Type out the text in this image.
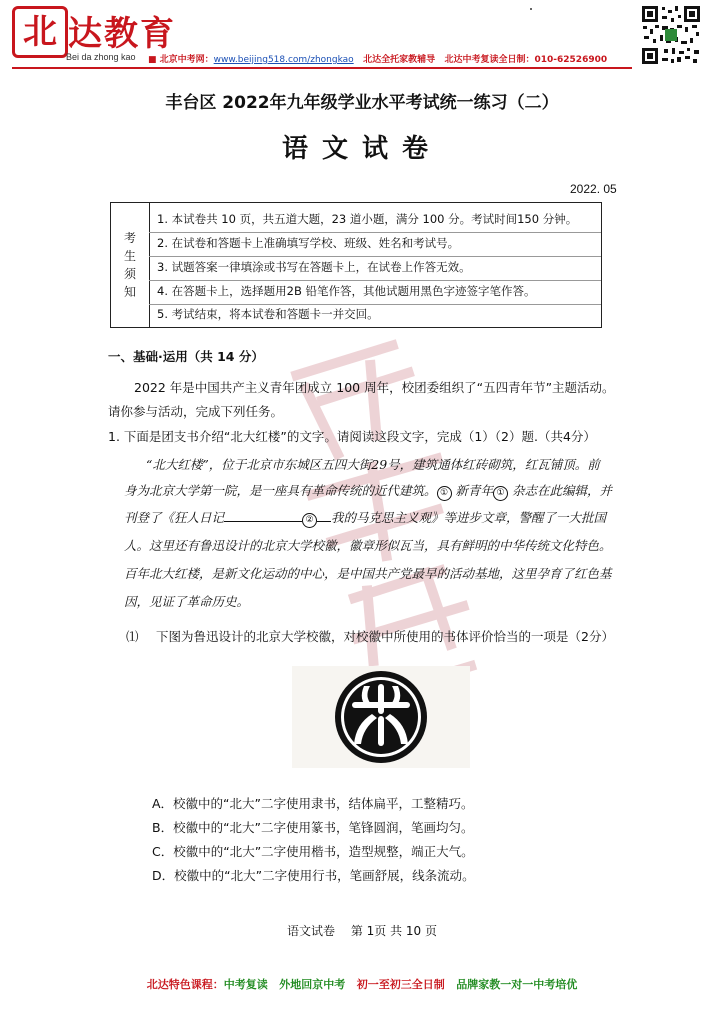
北 达教育
Bei da zhong kao ■ 北京中考网：www.beijing518.com/zhongkao 北达全托家教辅导 北达中考复读全日制：010-62526900
丰台区 2022年九年级学业水平考试统一练习（二）
语文试卷
2022. 05
考
生
须
知
1. 本试卷共 10 页，共五道大题，23 道小题，满分 100 分。考试时间150 分钟。
2. 在试卷和答题卡上准确填写学校、班级、姓名和考试号。
3. 试题答案一律填涂或书写在答题卡上，在试卷上作答无效。
4. 在答题卡上，选择题用2B 铅笔作答，其他试题用黑色字迹签字笔作答。
5. 考试结束，将本试卷和答题卡一并交回。
一、基础·运用（共 14 分）
2022 年是中国共产主义青年团成立 100 周年，校团委组织了“五四青年节”主题活动。
请你参与活动，完成下列任务。
1. 下面是团支书介绍“北大红楼”的文字。请阅读这段文字，完成（1）（2）题.（共4分）
“北大红楼”，位于北京市东城区五四大街29号，建筑通体红砖砌筑，红瓦铺顶。前
身为北京大学第一院，是一座具有革命传统的近代建筑。 ① 新青年 ① 杂志在此编辑，并
刊登了《狂人日记	② 我的马克思主义观》等进步文章，警醒了一大批国
人。这里还有鲁迅设计的北京大学校徽，徽章形似瓦当，具有鲜明的中华传统文化特色。
百年北大红楼，是新文化运动的中心，是中国共产党最早的活动基地，这里孕育了红色基
因，见证了革命历史。
⑴ 下图为鲁迅设计的北京大学校徽，对校徽中所使用的书体评价恰当的一项是（2分）
A．校徽中的“北大”二字使用隶书，结体扁平，工整精巧。
B．校徽中的“北大”二字使用篆书，笔锋圆润，笔画均匀。
C．校徽中的“北大”二字使用楷书，造型规整，端正大气。
D．校徽中的“北大”二字使用行书，笔画舒展，线条流动。
语文试卷 第 1页 共 10 页
北达特色课程：中考复读 外地回京中考 初一至初三全日制 品牌家教一对一中考培优
